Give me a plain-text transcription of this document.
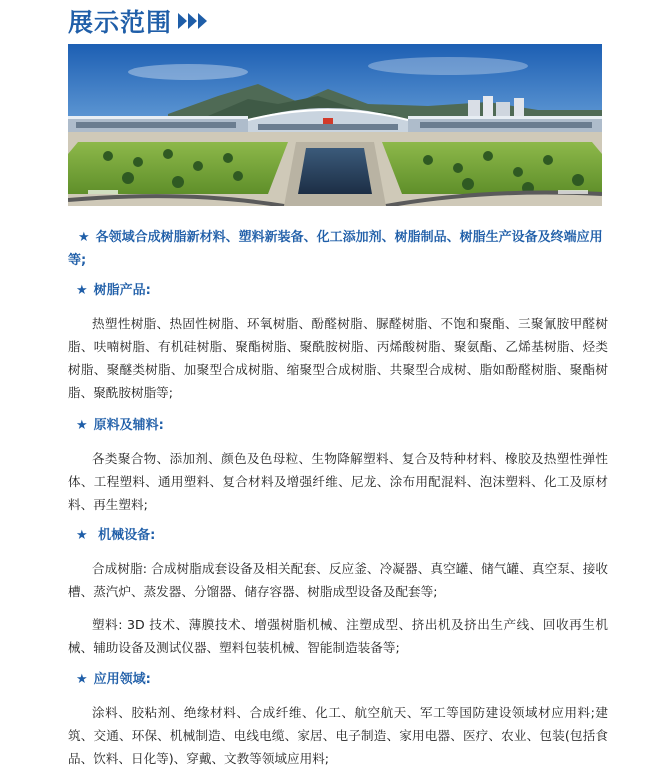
展示范围

★ 各领域合成树脂新材料、塑料新装备、化工添加剂、树脂制品、树脂生产设备及终端应用等;

★ 树脂产品:

热塑性树脂、热固性树脂、环氧树脂、酚醛树脂、脲醛树脂、不饱和聚酯、三聚氰胺甲醛树脂、呋喃树脂、有机硅树脂、聚酯树脂、聚酰胺树脂、丙烯酸树脂、聚氨酯、乙烯基树脂、烃类树脂、聚醚类树脂、加聚型合成树脂、缩聚型合成树脂、共聚型合成树、脂如酚醛树脂、聚酯树脂、聚酰胺树脂等;

★ 原料及辅料:

各类聚合物、添加剂、颜色及色母粒、生物降解塑料、复合及特种材料、橡胶及热塑性弹性体、工程塑料、通用塑料、复合材料及增强纤维、尼龙、涂布用配混料、泡沫塑料、化工及原材料、再生塑料;

★ 机械设备:

合成树脂: 合成树脂成套设备及相关配套、反应釜、冷凝器、真空罐、储气罐、真空泵、接收槽、蒸汽炉、蒸发器、分馏器、储存容器、树脂成型设备及配套等;

塑料: 3D 技术、薄膜技术、增强树脂机械、注塑成型、挤出机及挤出生产线、回收再生机械、辅助设备及测试仪器、塑料包装机械、智能制造装备等;

★ 应用领域:

涂料、胶粘剂、绝缘材料、合成纤维、化工、航空航天、军工等国防建设领域材应用料;建筑、交通、环保、机械制造、电线电缆、家居、电子制造、家用电器、医疗、农业、包装(包括食品、饮料、日化等)、穿戴、文教等领域应用料;
